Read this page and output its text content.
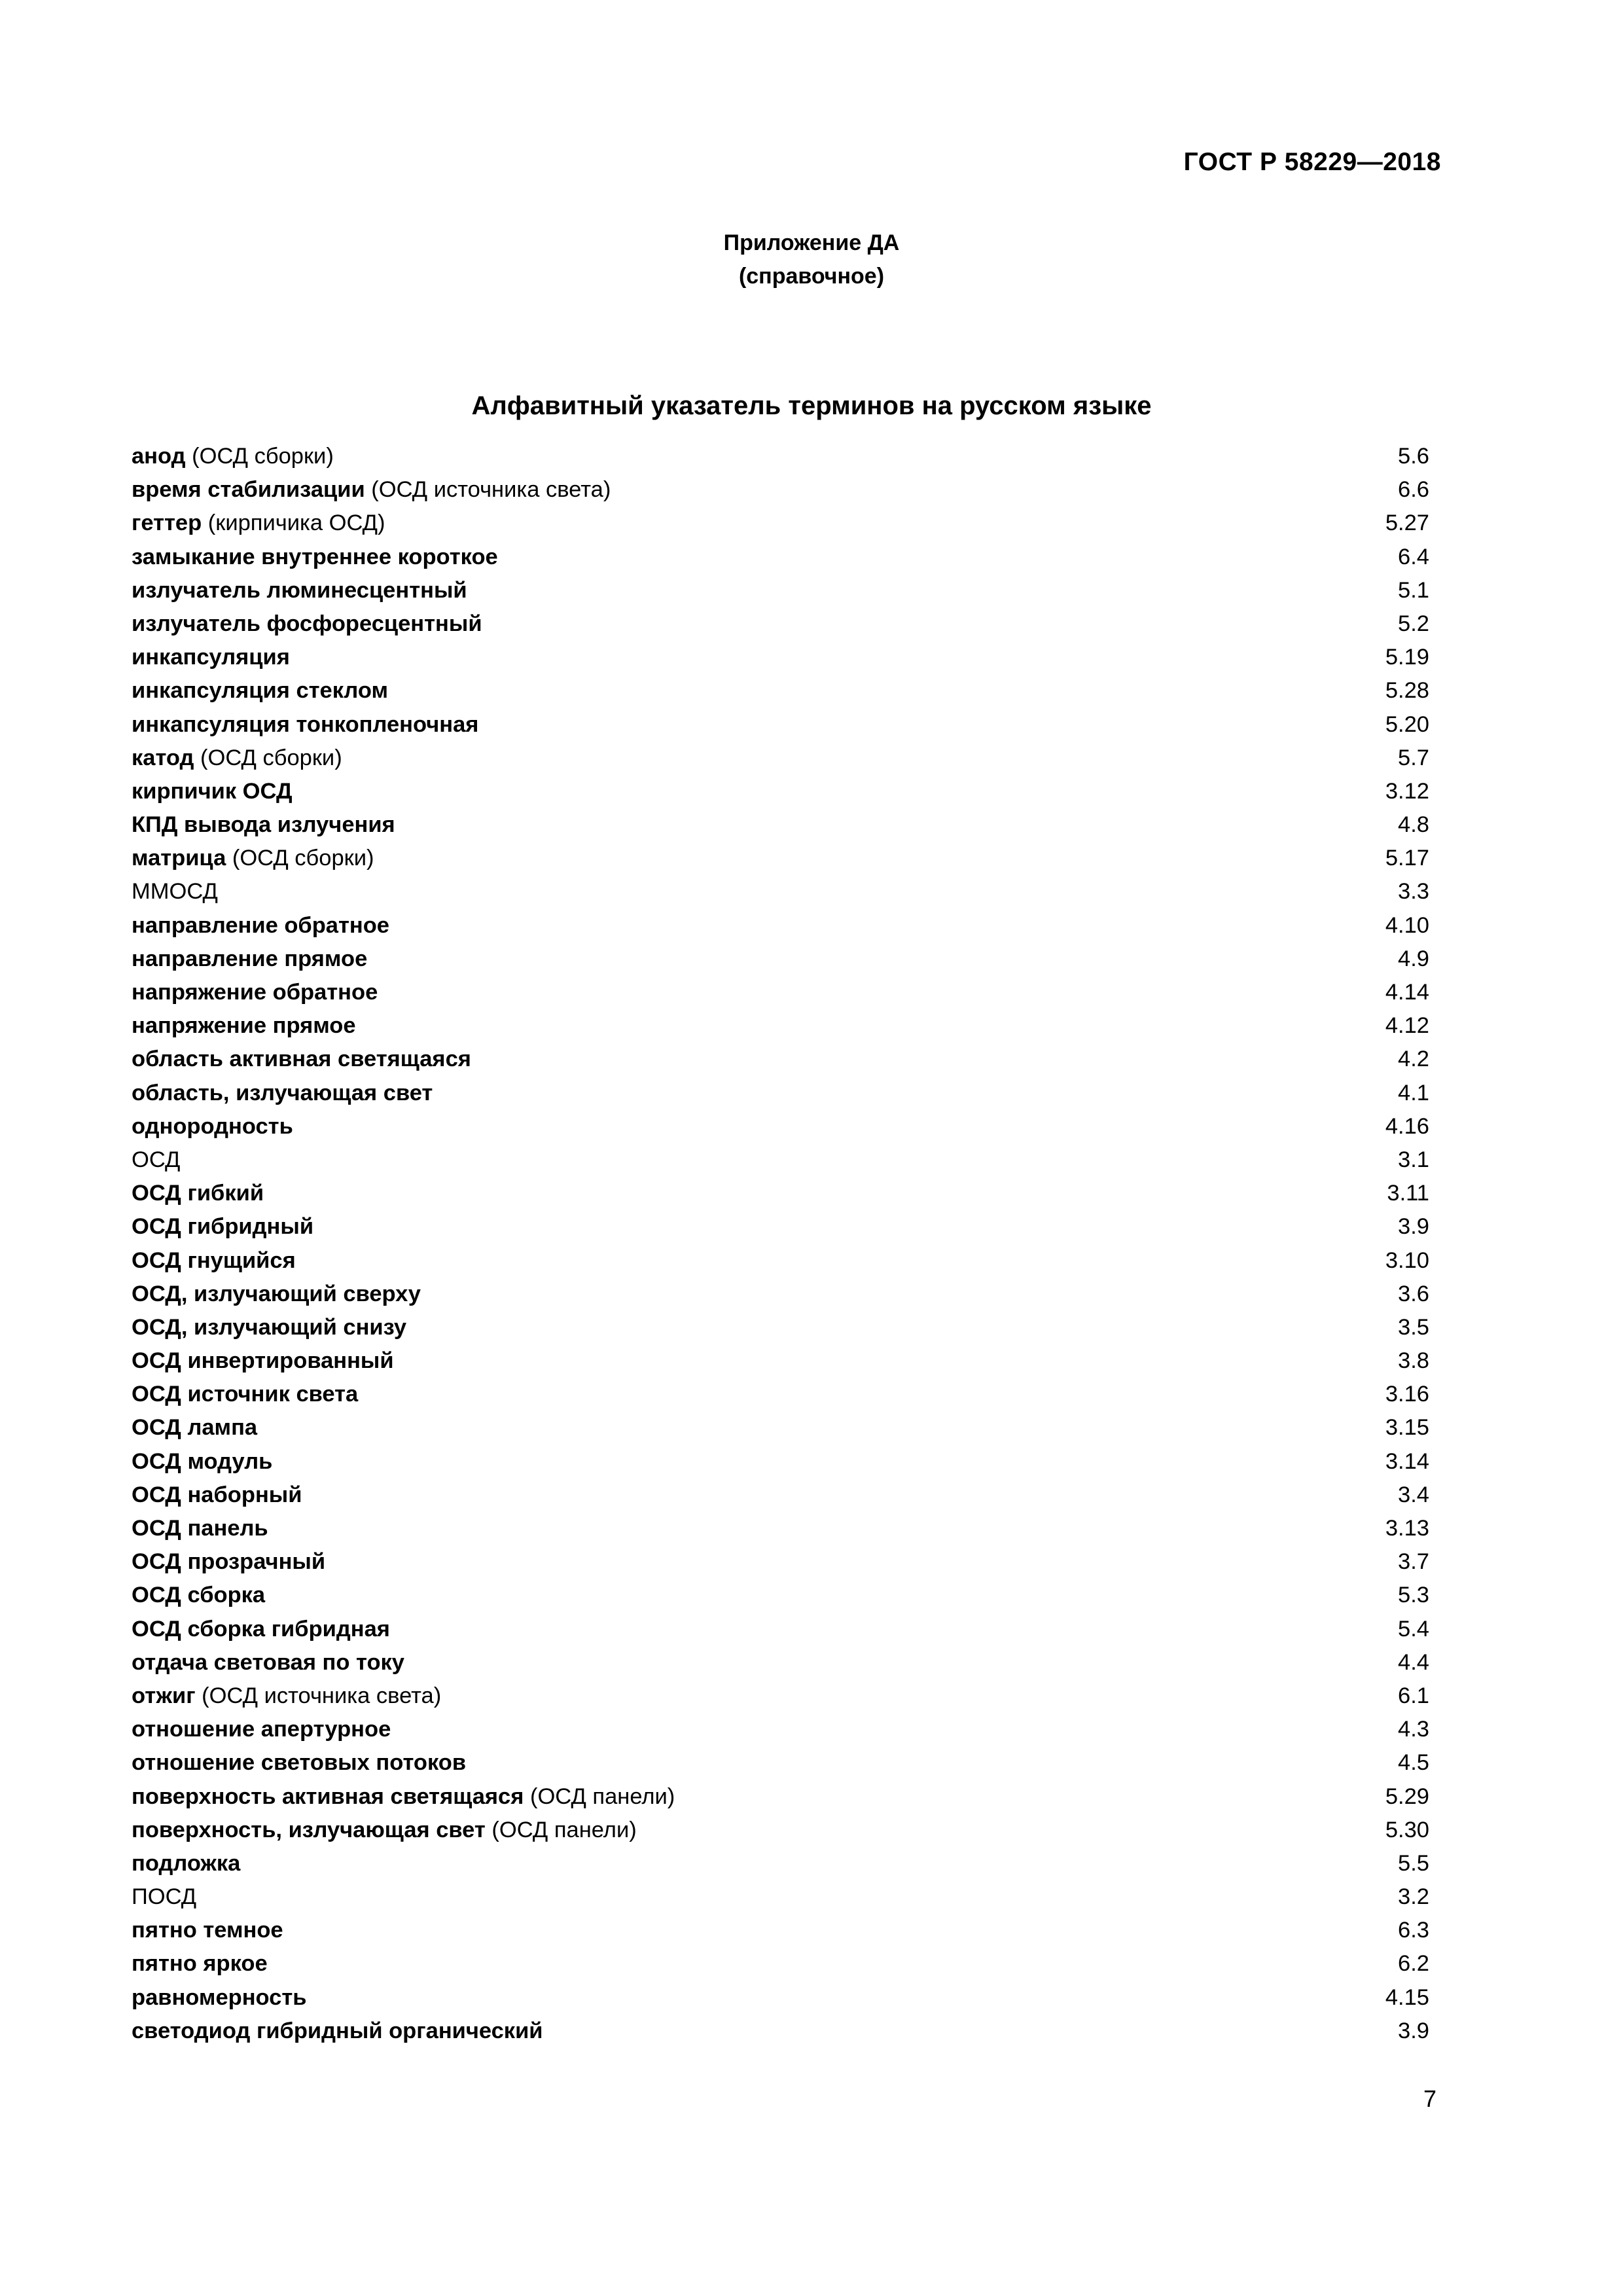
ГОСТ Р 58229—2018
Приложение ДА
(справочное)
Алфавитный указатель терминов на русском языке
анод (ОСД сборки)	5.6
время стабилизации (ОСД источника света)	6.6
геттер (кирпичика ОСД)	5.27
замыкание внутреннее короткое	6.4
излучатель люминесцентный	5.1
излучатель фосфоресцентный	5.2
инкапсуляция	5.19
инкапсуляция стеклом	5.28
инкапсуляция тонкопленочная	5.20
катод (ОСД сборки)	5.7
кирпичик ОСД	3.12
КПД вывода излучения	4.8
матрица (ОСД сборки)	5.17
ММОСД	3.3
направление обратное	4.10
направление прямое	4.9
напряжение обратное	4.14
напряжение прямое	4.12
область активная светящаяся	4.2
область, излучающая свет	4.1
однородность	4.16
ОСД	3.1
ОСД гибкий	3.11
ОСД гибридный	3.9
ОСД гнущийся	3.10
ОСД, излучающий сверху	3.6
ОСД, излучающий снизу	3.5
ОСД инвертированный	3.8
ОСД источник света	3.16
ОСД лампа	3.15
ОСД модуль	3.14
ОСД наборный	3.4
ОСД панель	3.13
ОСД прозрачный	3.7
ОСД сборка	5.3
ОСД сборка гибридная	5.4
отдача световая по току	4.4
отжиг (ОСД источника света)	6.1
отношение апертурное	4.3
отношение световых потоков	4.5
поверхность активная светящаяся (ОСД панели)	5.29
поверхность, излучающая свет (ОСД панели)	5.30
подложка	5.5
ПОСД	3.2
пятно темное	6.3
пятно яркое	6.2
равномерность	4.15
светодиод гибридный органический	3.9
7
